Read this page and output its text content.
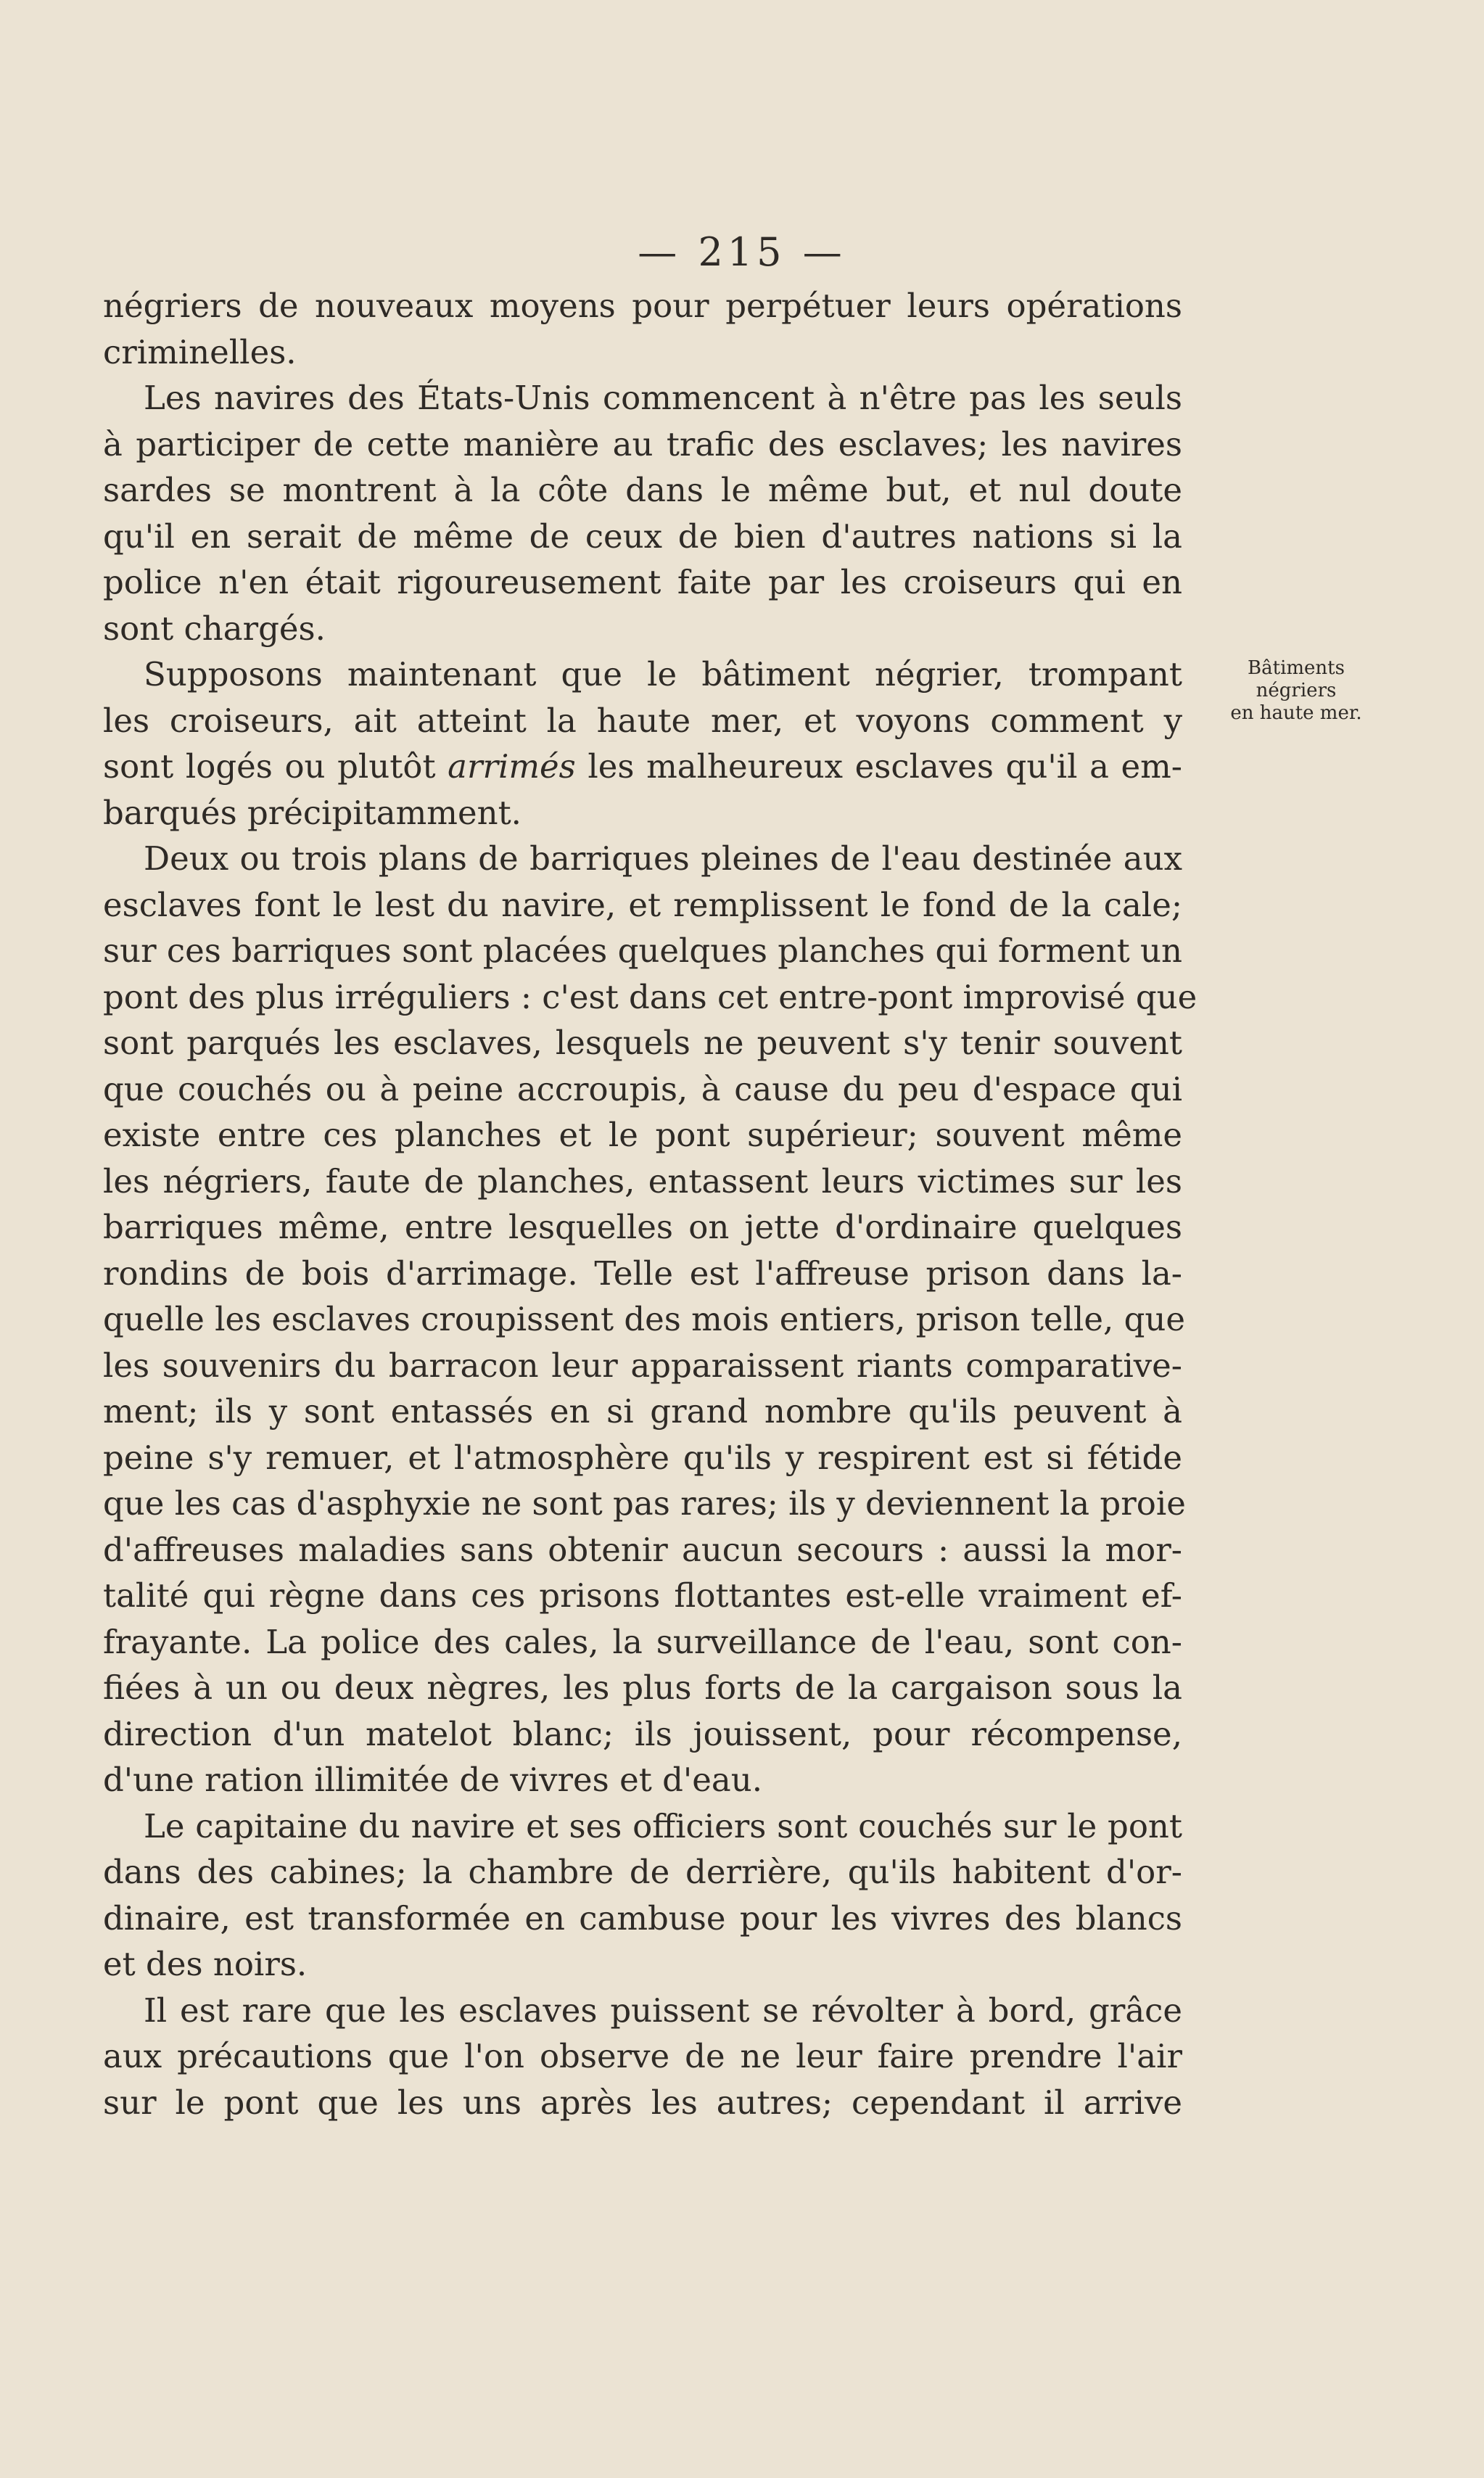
— 215 —
Bâtiments
négriers
en haute mer.
négriers de nouveaux moyens pour perpétuer leurs opérations
criminelles.
Les navires des États-Unis commencent à n'être pas les seuls
à participer de cette manière au trafic des esclaves; les navires
sardes se montrent à la côte dans le même but, et nul doute
qu'il en serait de même de ceux de bien d'autres nations si la
police n'en était rigoureusement faite par les croiseurs qui en
sont chargés.
Supposons maintenant que le bâtiment négrier, trompant
les croiseurs, ait atteint la haute mer, et voyons comment y
sont logés ou plutôt arrimés les malheureux esclaves qu'il a em-
barqués précipitamment.
Deux ou trois plans de barriques pleines de l'eau destinée aux
esclaves font le lest du navire, et remplissent le fond de la cale;
sur ces barriques sont placées quelques planches qui forment un
pont des plus irréguliers : c'est dans cet entre-pont improvisé que
sont parqués les esclaves, lesquels ne peuvent s'y tenir souvent
que couchés ou à peine accroupis, à cause du peu d'espace qui
existe entre ces planches et le pont supérieur; souvent même
les négriers, faute de planches, entassent leurs victimes sur les
barriques même, entre lesquelles on jette d'ordinaire quelques
rondins de bois d'arrimage. Telle est l'affreuse prison dans la-
quelle les esclaves croupissent des mois entiers, prison telle, que
les souvenirs du barracon leur apparaissent riants comparative-
ment; ils y sont entassés en si grand nombre qu'ils peuvent à
peine s'y remuer, et l'atmosphère qu'ils y respirent est si fétide
que les cas d'asphyxie ne sont pas rares; ils y deviennent la proie
d'affreuses maladies sans obtenir aucun secours : aussi la mor-
talité qui règne dans ces prisons flottantes est-elle vraiment ef-
frayante. La police des cales, la surveillance de l'eau, sont con-
fiées à un ou deux nègres, les plus forts de la cargaison sous la
direction d'un matelot blanc; ils jouissent, pour récompense,
d'une ration illimitée de vivres et d'eau.
Le capitaine du navire et ses officiers sont couchés sur le pont
dans des cabines; la chambre de derrière, qu'ils habitent d'or-
dinaire, est transformée en cambuse pour les vivres des blancs
et des noirs.
Il est rare que les esclaves puissent se révolter à bord, grâce
aux précautions que l'on observe de ne leur faire prendre l'air
sur le pont que les uns après les autres; cependant il arrive
